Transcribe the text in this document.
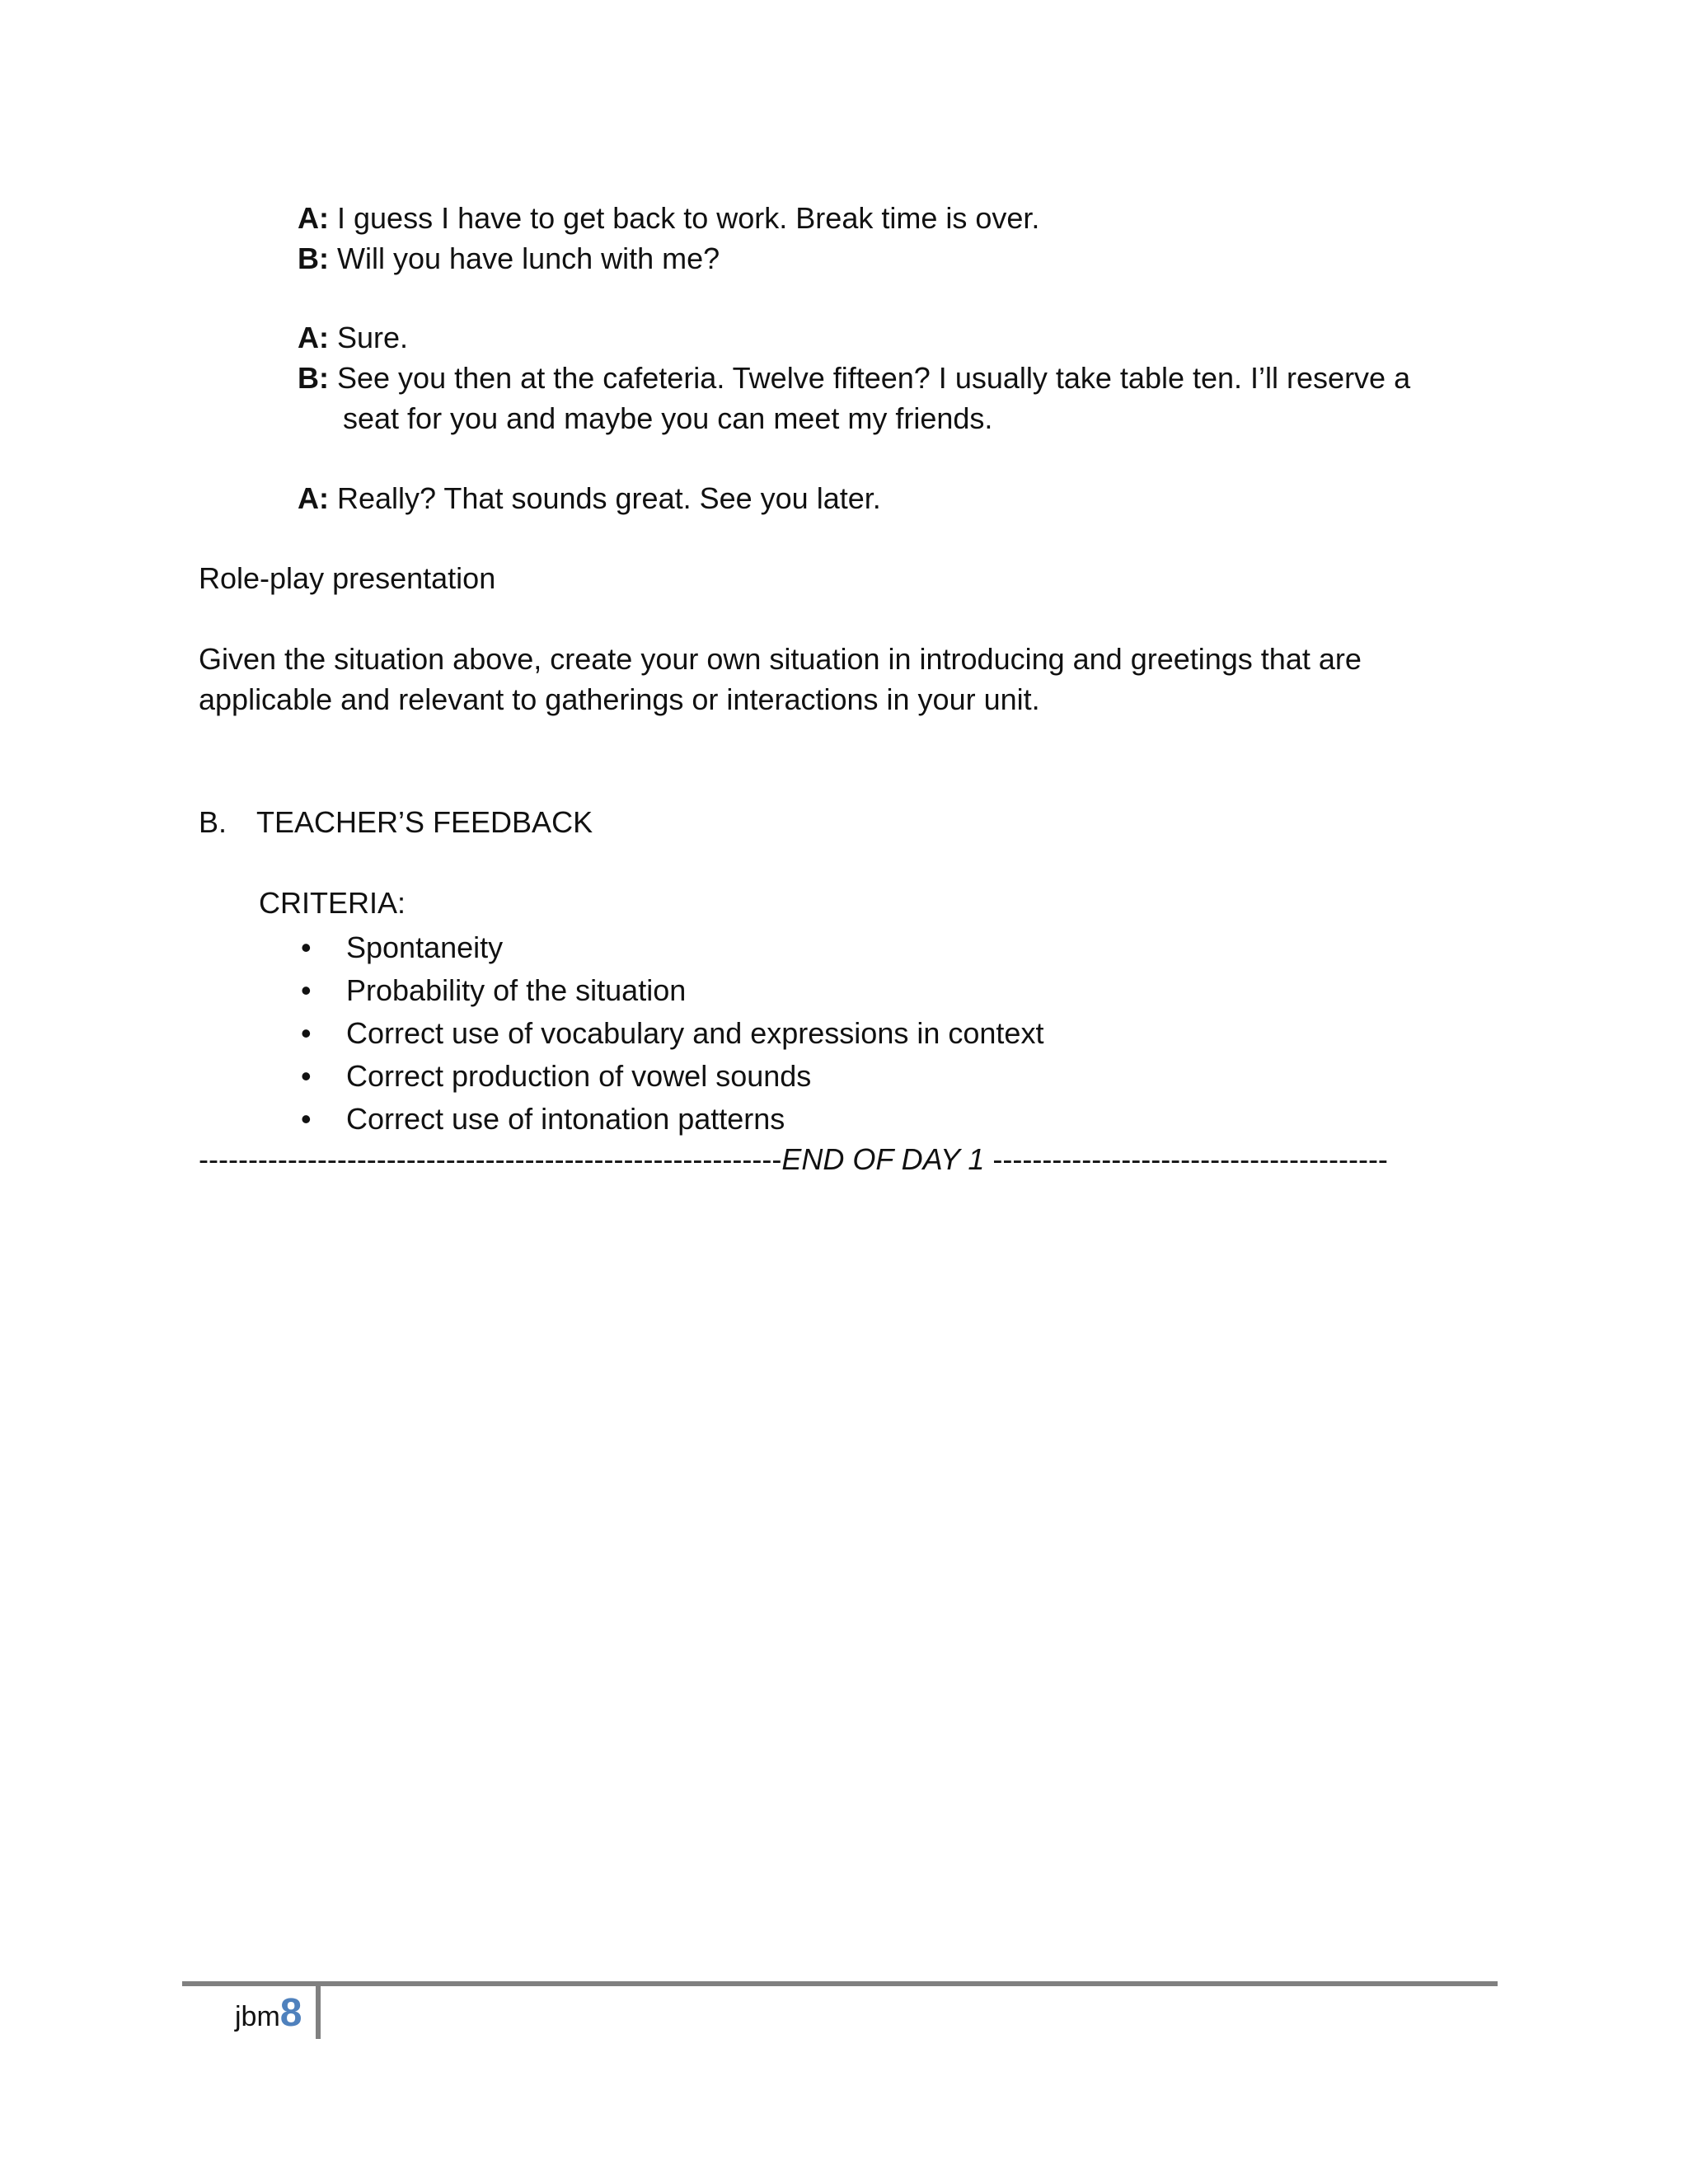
A: I guess I have to get back to work. Break time is over.
B: Will you have lunch with me?
A: Sure.
B: See you then at the cafeteria. Twelve fifteen? I usually take table ten. I’ll reserve a
seat for you and maybe you can meet my friends.
A: Really? That sounds great. See you later.
Role-play presentation
Given the situation above, create your own situation in introducing and greetings that are
applicable and relevant to gatherings or interactions in your unit.
B. TEACHER’S FEEDBACK
CRITERIA:
• Spontaneity
• Probability of the situation
• Correct use of vocabulary and expressions in context
• Correct production of vowel sounds
• Correct use of intonation patterns
-----------------------------------------------------------END OF DAY 1 ----------------------------------------
jbm8
